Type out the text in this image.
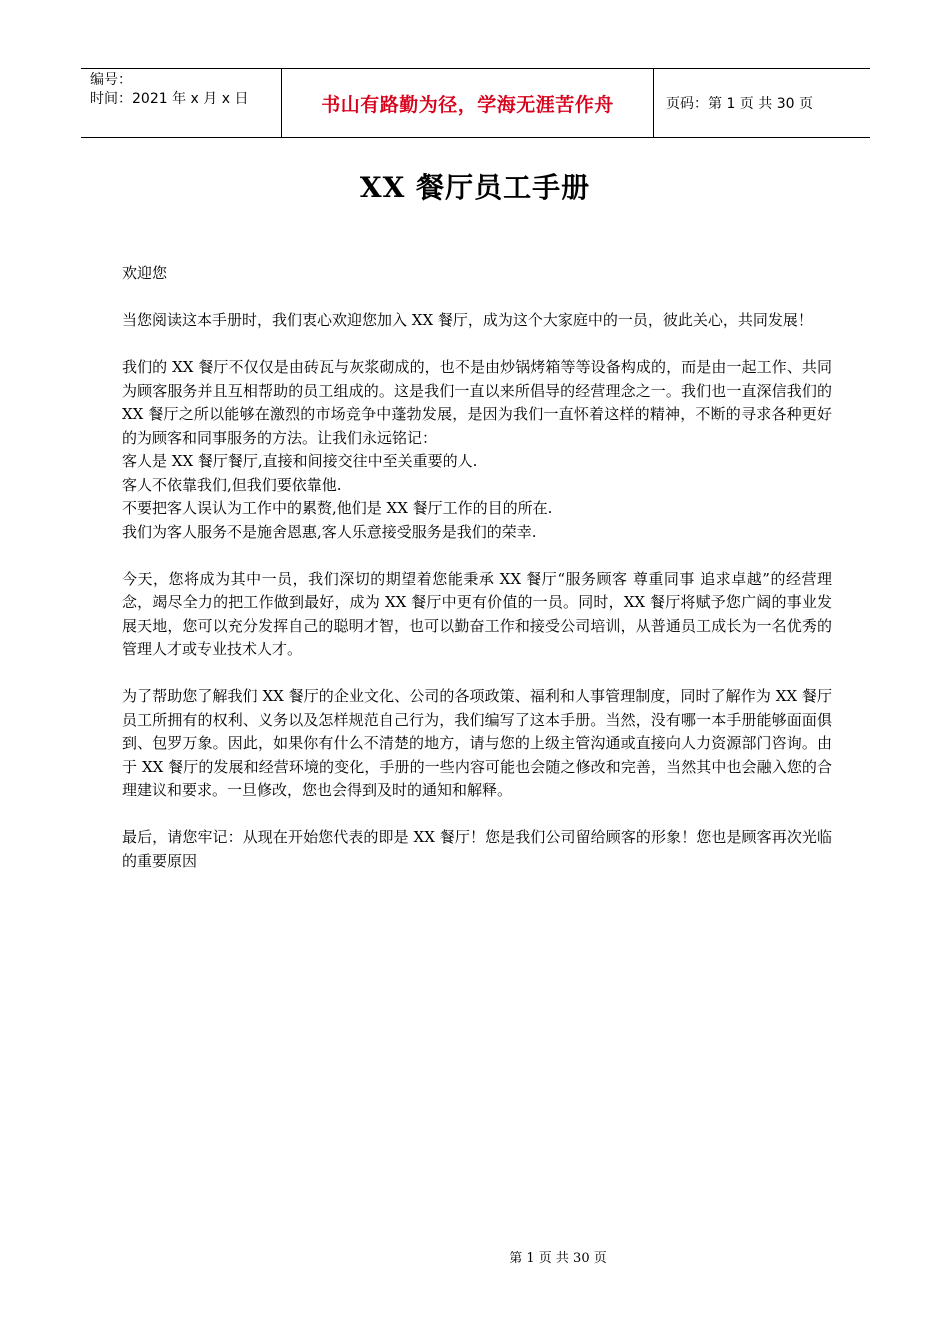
编号：
时间：2021 年 x 月 x 日	书山有路勤为径，学海无涯苦作舟	页码：第 1 页 共 30 页
XX 餐厅员工手册

欢迎您

当您阅读这本手册时，我们衷心欢迎您加入 XX 餐厅，成为这个大家庭中的一员，彼此关心，共同发展！

我们的 XX 餐厅不仅仅是由砖瓦与灰浆砌成的，也不是由炒锅烤箱等等设备构成的，而是由一起工作、共同为顾客服务并且互相帮助的员工组成的。这是我们一直以来所倡导的经营理念之一。我们也一直深信我们的 XX 餐厅之所以能够在激烈的市场竞争中蓬勃发展，是因为我们一直怀着这样的精神，不断的寻求各种更好的为顾客和同事服务的方法。让我们永远铭记：

客人是 XX 餐厅餐厅,直接和间接交往中至关重要的人.

客人不依靠我们,但我们要依靠他.

不要把客人误认为工作中的累赘,他们是 XX 餐厅工作的目的所在.

我们为客人服务不是施舍恩惠,客人乐意接受服务是我们的荣幸.

今天，您将成为其中一员，我们深切的期望着您能秉承 XX 餐厅“服务顾客 尊重同事 追求卓越”的经营理念，竭尽全力的把工作做到最好，成为 XX 餐厅中更有价值的一员。同时，XX 餐厅将赋予您广阔的事业发展天地，您可以充分发挥自己的聪明才智，也可以勤奋工作和接受公司培训，从普通员工成长为一名优秀的管理人才或专业技术人才。

为了帮助您了解我们 XX 餐厅的企业文化、公司的各项政策、福利和人事管理制度，同时了解作为 XX 餐厅员工所拥有的权利、义务以及怎样规范自己行为，我们编写了这本手册。当然，没有哪一本手册能够面面俱到、包罗万象。因此，如果你有什么不清楚的地方，请与您的上级主管沟通或直接向人力资源部门咨询。由于 XX 餐厅的发展和经营环境的变化，手册的一些内容可能也会随之修改和完善，当然其中也会融入您的合理建议和要求。一旦修改，您也会得到及时的通知和解释。

最后，请您牢记：从现在开始您代表的即是 XX 餐厅！您是我们公司留给顾客的形象！您也是顾客再次光临的重要原因

第 1 页 共 30 页
